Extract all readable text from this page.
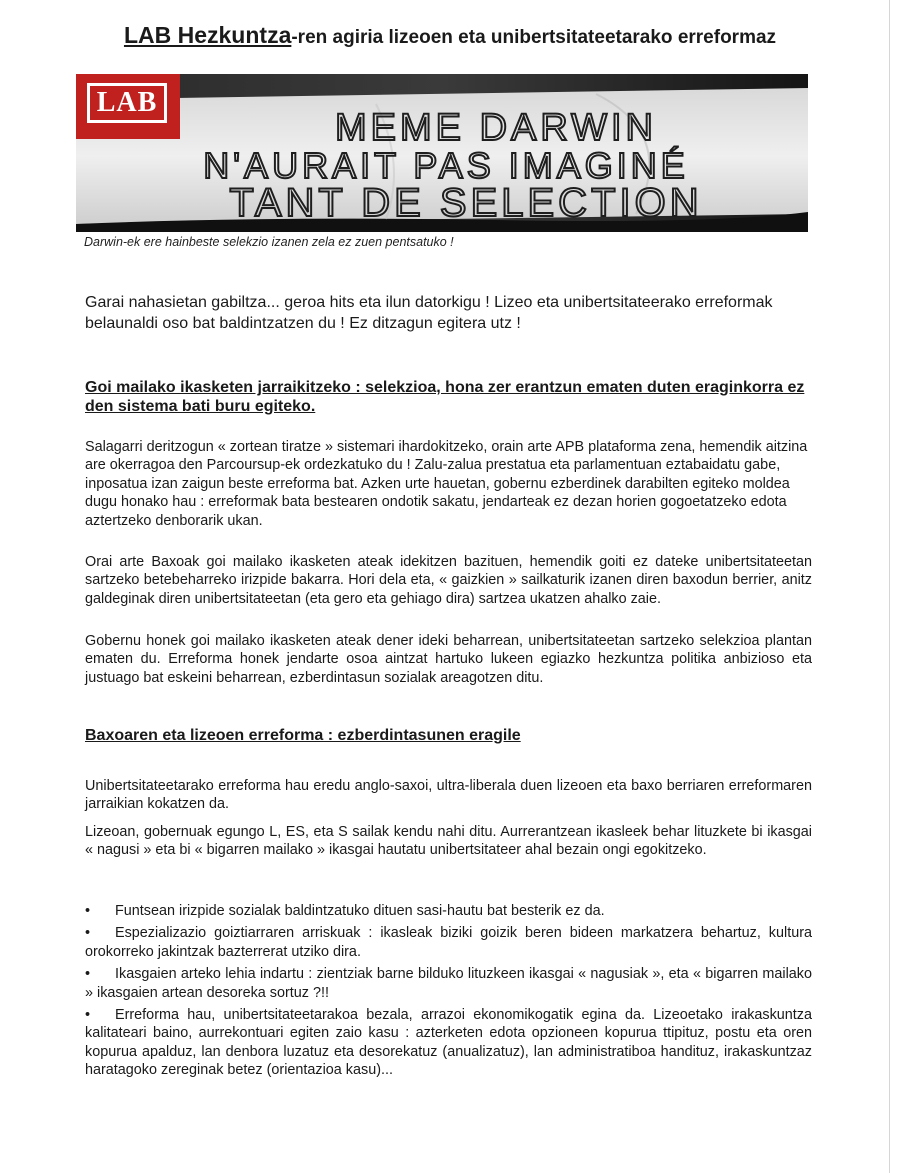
LAB Hezkuntza-ren agiria lizeoen eta unibertsitateetarako erreformaz
MEME DARWIN
N'AURAIT PAS IMAGINÉ
TANT DE SELECTION
LAB
Darwin-ek ere hainbeste selekzio izanen zela ez zuen pentsatuko !

Garai nahasietan gabiltza... geroa hits eta ilun datorkigu ! Lizeo eta unibertsitateerako erreformak belaunaldi oso bat baldintzatzen du ! Ez ditzagun egitera utz !

Goi mailako ikasketen jarraikitzeko : selekzioa, hona zer erantzun ematen duten eraginkorra ez den sistema bati buru egiteko.

Salagarri deritzogun « zortean tiratze » sistemari ihardokitzeko, orain arte APB plataforma zena, hemendik aitzina are okerragoa den Parcoursup-ek ordezkatuko du ! Zalu-zalua prestatua eta parlamentuan eztabaidatu gabe, inposatua izan zaigun beste erreforma bat. Azken urte hauetan, gobernu ezberdinek darabilten egiteko moldea dugu honako hau : erreformak bata bestearen ondotik sakatu, jendarteak ez dezan horien gogoetatzeko edota aztertzeko denborarik ukan.

Orai arte Baxoak goi mailako ikasketen ateak idekitzen bazituen, hemendik goiti ez dateke unibertsitateetan sartzeko betebeharreko irizpide bakarra. Hori dela eta, « gaizkien » sailkaturik izanen diren baxodun berrier, anitz galdeginak diren unibertsitateetan (eta gero eta gehiago dira) sartzea ukatzen ahalko zaie.

Gobernu honek goi mailako ikasketen ateak dener ideki beharrean, unibertsitateetan sartzeko selekzioa plantan ematen du. Erreforma honek jendarte osoa aintzat hartuko lukeen egiazko hezkuntza politika anbizioso eta justuago bat eskeini beharrean, ezberdintasun sozialak areagotzen ditu.

Baxoaren eta lizeoen erreforma : ezberdintasunen eragile

Unibertsitateetarako erreforma hau eredu anglo-saxoi, ultra-liberala duen lizeoen eta baxo berriaren erreformaren jarraikian kokatzen da.

Lizeoan, gobernuak egungo L, ES, eta S sailak kendu nahi ditu. Aurrerantzean ikasleek behar lituzkete bi ikasgai « nagusi » eta bi « bigarren mailako » ikasgai hautatu unibertsitateer ahal bezain ongi egokitzeko.

• Funtsean irizpide sozialak baldintzatuko dituen sasi-hautu bat besterik ez da.
• Espezializazio goiztiarraren arriskuak : ikasleak biziki goizik beren bideen markatzera behartuz, kultura orokorreko jakintzak bazterrerat utziko dira.
• Ikasgaien arteko lehia indartu : zientziak barne bilduko lituzkeen ikasgai « nagusiak », eta « bigarren mailako » ikasgaien artean desoreka sortuz ?!!
• Erreforma hau, unibertsitateetarakoa bezala, arrazoi ekonomikogatik egina da. Lizeoetako irakaskuntza kalitateari baino, aurrekontuari egiten zaio kasu : azterketen edota opzioneen kopurua ttipituz, postu eta oren kopurua apalduz, lan denbora luzatuz eta desorekatuz (anualizatuz), lan administratiboa handituz, irakaskuntzaz haratagoko zereginak betez (orientazioa kasu)...
